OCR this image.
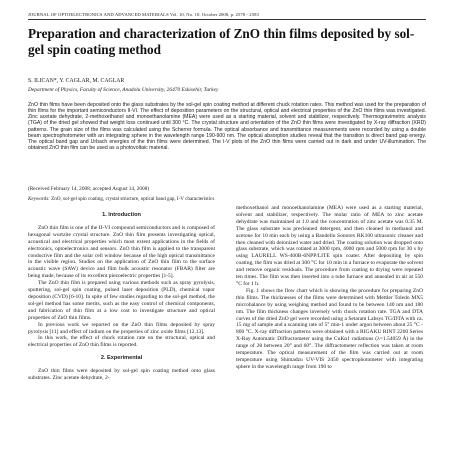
JOURNAL OF OPTOELECTRONICS AND ADVANCED MATERIALS Vol. 10, No. 10, October 2008, p. 2578 - 2583
Preparation and characterization of ZnO thin films deposited by sol-gel spin coating method
S. ILICAN*, Y. CAGLAR, M. CAGLAR
Department of Physics, Faculty of Science, Anadolu University, 26470 Eskisehir, Turkey
ZnO thin films have been deposited onto the glass substrates by the sol-gel spin coating method at different chuck rotation rates. This method was used for the preparation of thin films for the important semiconductors II-VI. The effect of deposition parameters on the structural, optical and electrical properties of the ZnO thin films was investigated. Zinc acetate dehydrate, 2-methoxethanol and monoethanolamine (MEA) were used as a starting material, solvent and stabilizer, respectively. Thermogravimetric analysis (TGA) of the dried gel showed that weight loss continued until 300 °C. The crystal structure and orientation of the ZnO thin films were investigated by X-ray diffraction (XRD) patterns. The grain size of the films was calculated using the Scherrer formula. The optical absorbance and transmittance measurements were recorded by using a double beam spectrophotometer with an integrating sphere in the wavelength range 190-900 nm. The optical absorption studies reveal that the transition is direct band gap energy. The optical band gap and Urbach energies of the thin films were determined. The I-V plots of the ZnO thin films were carried out in dark and under UV-illumination. The obtained ZnO thin film can be used as a photovoltaic material.
(Received February 14, 2008; accepted August 14, 2008)
Keywords: ZnO, sol-gel spin coating, crystal structure, optical band gap, I-V characteristics
1. Introduction

ZnO thin film is one of the II-VI compound semiconductors and is composed of hexagonal wurtzite crystal structure. ZnO thin film presents investigating optical, acoustical and electrical properties which most extent applications in the fields of electronics, optoelectronics and sensors. ZnO thin film is applied to the transparent conductive film and the solar cell window because of the high optical transmittance in the visible region. Studies on the application of ZnO thin film to the surface acoustic wave (SAW) device and film bulk acoustic resonator (FBAR) filter are being made, because of its excellent piezoelectric properties [1-5].

The ZnO thin film is prepared using various methods such as spray pyrolysis, sputtering, sol-gel spin coating, pulsed laser deposition (PLD), chemical vapor deposition (CVD) [6-10]. In spite of few studies regarding to the sol-gel method, the sol-gel method has some merits, such as the easy control of chemical components, and fabrication of thin film at a low cost to investigate structure and optical properties of ZnO thin films.

In previous work we reported on the ZnO thin films deposited by spray pyrolysis [11] and effect of indium on the properties of zinc oxide films [12,13].

In this work, the effect of chuck rotation rate on the structural, optical and electrical properties of ZnO thin films is reported.

2. Experimental

ZnO thin films were deposited by sol-gel spin coating method onto glass substrates. Zinc acetate dehydrate, 2-

methoxethanol and monoethanolamine (MEA) were used as a starting material, solvent and stabilizer, respectively. The molar ratio of MEA to zinc acetate dehydrate was maintained at 1.0 and the concentration of zinc acetate was 0.35 M. The glass substrate was precleaned detergent, and then cleaned in methanol and acetone for 10 min each by using a Bandelin Sonorex RK100 ultrasonic cleaner and then cleaned with deionized water and dried. The coating solution was dropped onto glass substrate, which was rotated at 3000 rpm, 4000 rpm and 5000 rpm for 30 s by using LAURELL WS-400B-6NPP/LITE spin coater. After depositing by spin coating, the film was dried at 300 °C for 10 min in a furnace to evaporate the solvent and remove organic residuals. The procedure from coating to drying were repeated ten times. The film was then inserted into a tube furnace and annealed in air at 550 °C for 1 h.

Fig. 1 shows the flow chart which is showing the procedure for preparing ZnO thin films. The thicknesses of the films were determined with Mettler Toledo MX5 microbalance by using weighing method and found to be between 140 nm and 180 nm. The film thickness changes inversely with chuck rotation rate. TGA and DTA curves of the dried ZnO gel were recorded using a Setaram Labsys TG/DTA with ca. 15 mg of sample and a scanning rate of 5° min-1 under argon between about 25 °C - 800 °C. X-ray diffraction patterns were obtained with a RIGAKU RINT 2200 Series X-Ray Automatic Diffractometer using the CuKα1 radiations (λ=1.54059 Å) in the range of 2θ between 20° and 60°. The diffractometer reflection was taken at room temperature. The optical measurement of the film was carried out at room temperature using Shimadzu UV-VIS 2450 spectrophotometer with integrating sphere in the wavelength range from 190 to
